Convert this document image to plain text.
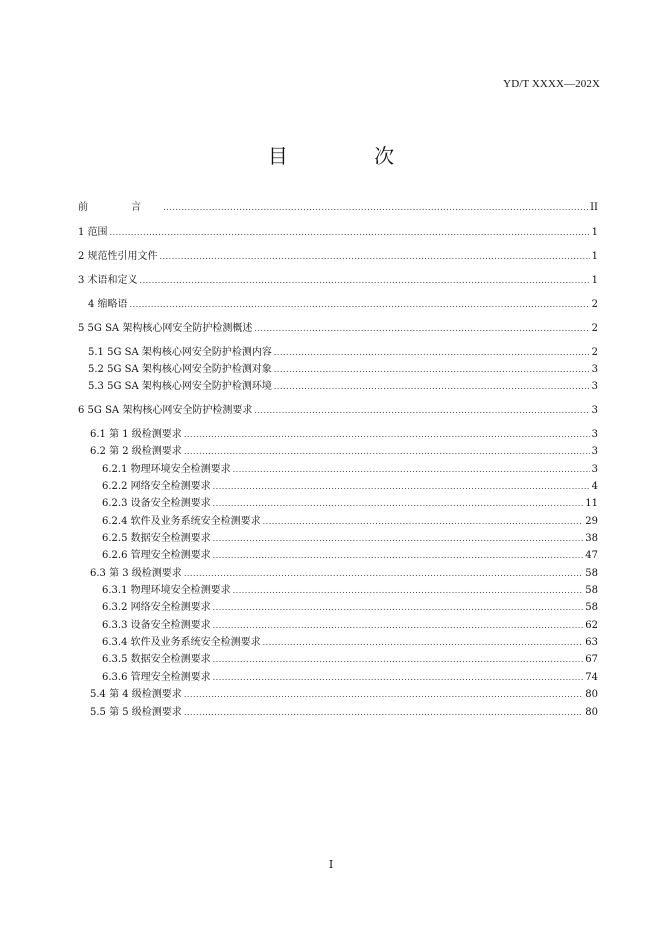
YD/T XXXX—202X
目 次
前 言 .....	II
1 范围 .....	1
2 规范性引用文件 .....	1
3 术语和定义 .....	1
4 缩略语 .....	2
5 5G SA 架构核心网安全防护检测概述 .....	2
5.1 5G SA 架构核心网安全防护检测内容 .....	2
5.2 5G SA 架构核心网安全防护检测对象 .....	3
5.3 5G SA 架构核心网安全防护检测环境 .....	3
6 5G SA 架构核心网安全防护检测要求 .....	3
6.1 第 1 级检测要求 .....	3
6.2 第 2 级检测要求 .....	3
6.2.1 物理环境安全检测要求 .....	3
6.2.2 网络安全检测要求 .....	4
6.2.3 设备安全检测要求 .....	11
6.2.4 软件及业务系统安全检测要求 .....	29
6.2.5 数据安全检测要求 .....	38
6.2.6 管理安全检测要求 .....	47
6.3 第 3 级检测要求 .....	58
6.3.1 物理环境安全检测要求 .....	58
6.3.2 网络安全检测要求 .....	58
6.3.3 设备安全检测要求 .....	62
6.3.4 软件及业务系统安全检测要求 .....	63
6.3.5 数据安全检测要求 .....	67
6.3.6 管理安全检测要求 .....	74
5.4 第 4 级检测要求 .....	80
5.5 第 5 级检测要求 .....	80
I
